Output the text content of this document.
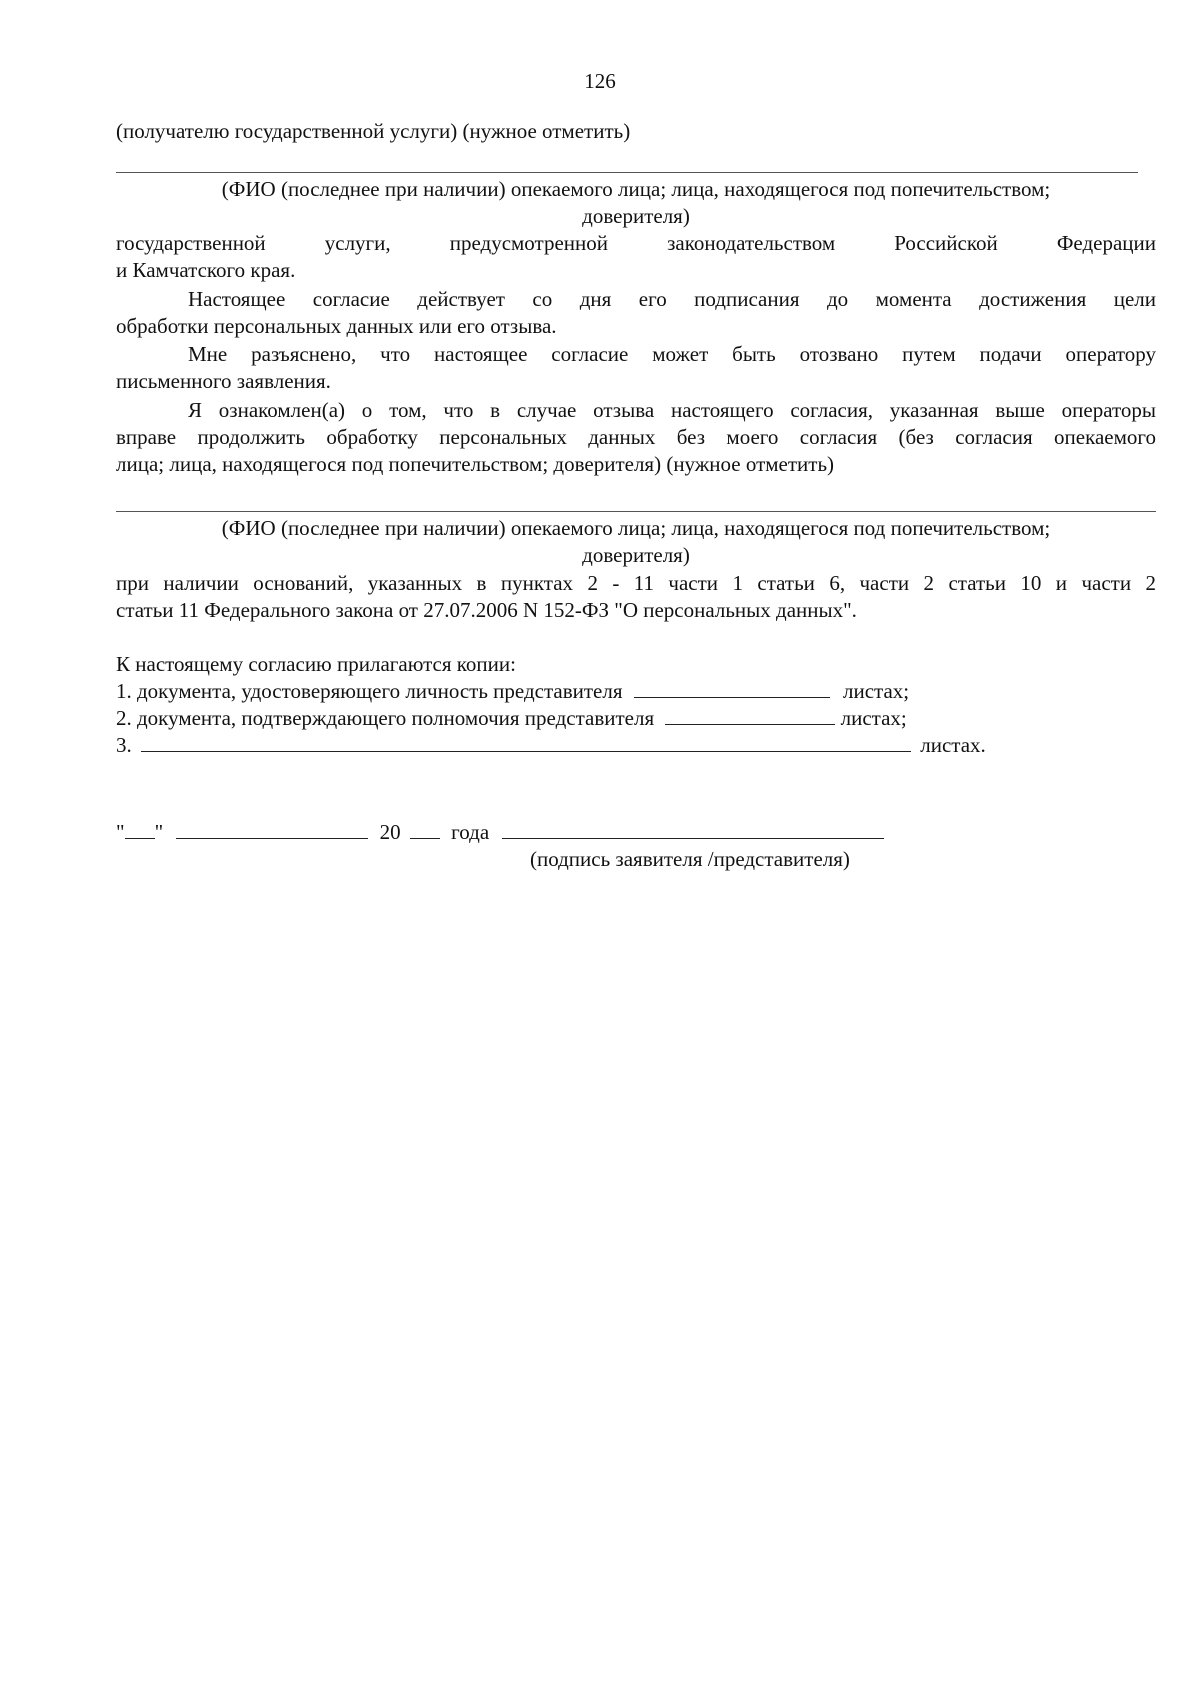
126
(получателю государственной услуги) (нужное отметить)
(ФИО (последнее при наличии) опекаемого лица; лица, находящегося под попечительством;
доверителя)
государственной	услуги,	предусмотренной	законодательством	Российской	Федерации
и Камчатского края.
Настоящее согласие действует со дня его подписания до момента достижения цели
обработки персональных данных или его отзыва.
Мне разъяснено, что настоящее согласие может быть отозвано путем подачи оператору
письменного заявления.
Я ознакомлен(а) о том, что в случае отзыва настоящего согласия, указанная выше операторы
вправе продолжить обработку персональных данных без моего согласия (без согласия опекаемого
лица; лица, находящегося под попечительством; доверителя) (нужное отметить)
(ФИО (последнее при наличии) опекаемого лица; лица, находящегося под попечительством;
доверителя)
при наличии оснований, указанных в пунктах 2 - 11 части 1 статьи 6, части 2 статьи 10 и части 2
статьи 11 Федерального закона от 27.07.2006 N 152-ФЗ "О персональных данных".
К настоящему согласию прилагаются копии:
1. документа, удостоверяющего личность представителя	листах;
2. документа, подтверждающего полномочия представителя	листах;
3.	листах.
" "	20 года
(подпись заявителя /представителя)
